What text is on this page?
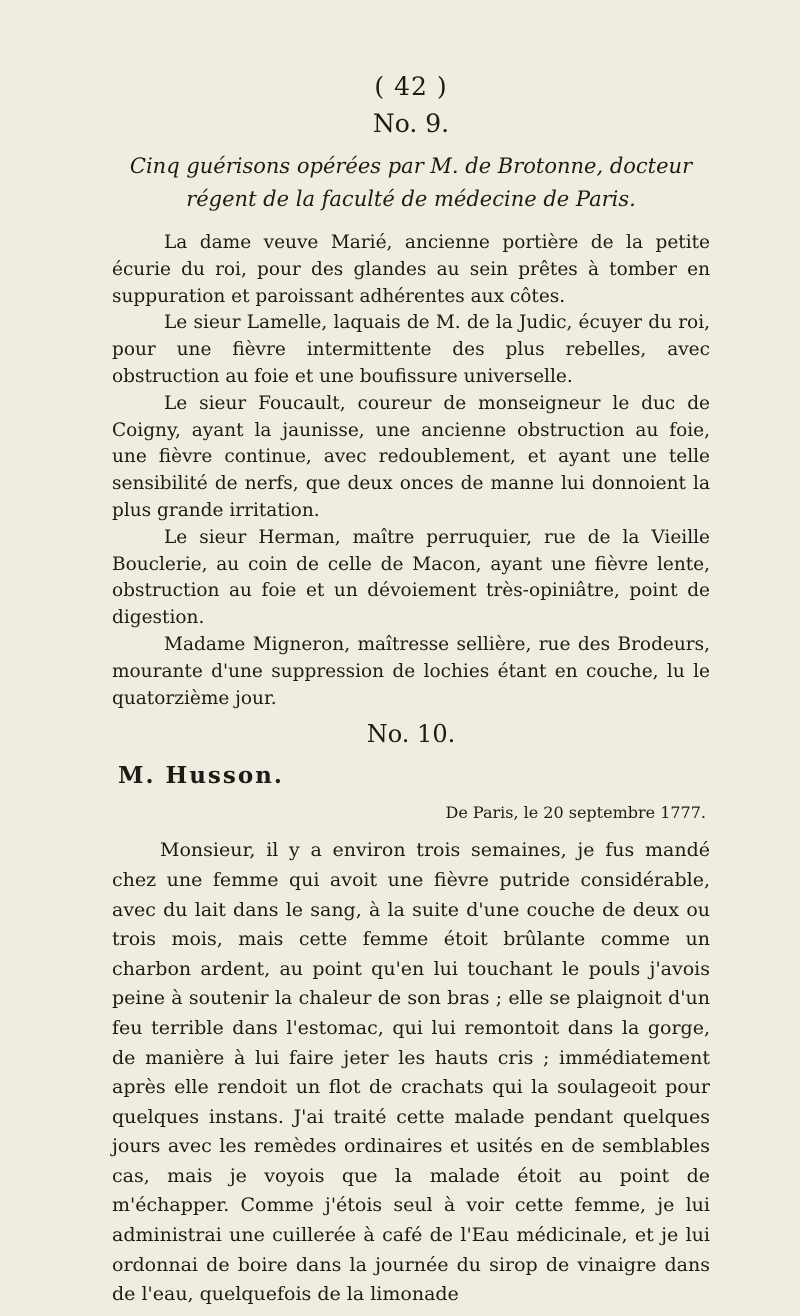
( 42 )
No. 9.
Cinq guérisons opérées par M. de Brotonne, docteur régent de la faculté de médecine de Paris.

La dame veuve Marié, ancienne portière de la petite écurie du roi, pour des glandes au sein prêtes à tomber en suppuration et paroissant adhérentes aux côtes.

Le sieur Lamelle, laquais de M. de la Judic, écuyer du roi, pour une fièvre intermittente des plus rebelles, avec obstruction au foie et une boufissure universelle.

Le sieur Foucault, coureur de monseigneur le duc de Coigny, ayant la jaunisse, une ancienne obstruction au foie, une fièvre continue, avec redoublement, et ayant une telle sensibilité de nerfs, que deux onces de manne lui donnoient la plus grande irritation.

Le sieur Herman, maître perruquier, rue de la Vieille Bouclerie, au coin de celle de Macon, ayant une fièvre lente, obstruction au foie et un dévoiement très-opiniâtre, point de digestion.

Madame Migneron, maîtresse sellière, rue des Brodeurs, mourante d'une suppression de lochies étant en couche, lu le quatorzième jour.

No. 10.
M. Husson.
De Paris, le 20 septembre 1777.

Monsieur, il y a environ trois semaines, je fus mandé chez une femme qui avoit une fièvre putride considérable, avec du lait dans le sang, à la suite d'une couche de deux ou trois mois, mais cette femme étoit brûlante comme un charbon ardent, au point qu'en lui touchant le pouls j'avois peine à soutenir la chaleur de son bras ; elle se plaignoit d'un feu terrible dans l'estomac, qui lui remontoit dans la gorge, de manière à lui faire jeter les hauts cris ; immédiatement après elle rendoit un flot de crachats qui la soulageoit pour quelques instans. J'ai traité cette malade pendant quelques jours avec les remèdes ordinaires et usités en de semblables cas, mais je voyois que la malade étoit au point de m'échapper. Comme j'étois seul à voir cette femme, je lui administrai une cuillerée à café de l'Eau médicinale, et je lui ordonnai de boire dans la journée du sirop de vinaigre dans de l'eau, quelquefois de la limonade
